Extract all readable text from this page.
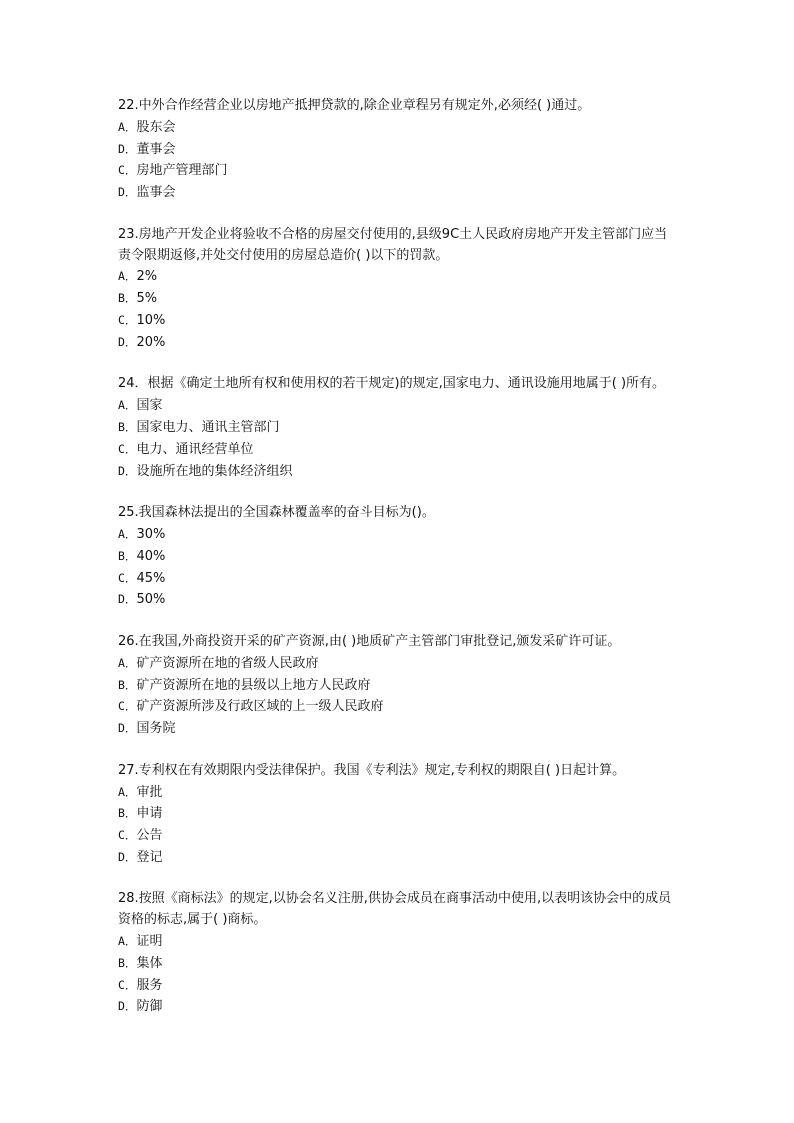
22.中外合作经营企业以房地产抵押贷款的,除企业章程另有规定外,必须经( )通过。

A．股东会

D．董事会

C．房地产管理部门

D．监事会

23.房地产开发企业将验收不合格的房屋交付使用的,县级9C土人民政府房地产开发主管部门应当责令限期返修,并处交付使用的房屋总造价( )以下的罚款。

A．2%

B．5%

C．10%

D．20%

24．根据《确定土地所有权和使用权的若干规定)的规定,国家电力、通讯设施用地属于( )所有。

A．国家

B．国家电力、通讯主管部门

C．电力、通讯经营单位

D．设施所在地的集体经济组织

25.我国森林法提出的全国森林覆盖率的奋斗目标为()。

A．30%

B．40%

C．45%

D．50%

26.在我国,外商投资开采的矿产资源,由( )地质矿产主管部门审批登记,颁发采矿许可证。

A．矿产资源所在地的省级人民政府

B．矿产资源所在地的县级以上地方人民政府

C．矿产资源所涉及行政区域的上一级人民政府

D．国务院

27.专利权在有效期限内受法律保护。我国《专利法》规定,专利权的期限自( )日起计算。

A．审批

B．申请

C．公告

D．登记

28.按照《商标法》的规定,以协会名义注册,供协会成员在商事活动中使用,以表明该协会中的成员资格的标志,属于( )商标。

A．证明

B．集体

C．服务

D．防御
